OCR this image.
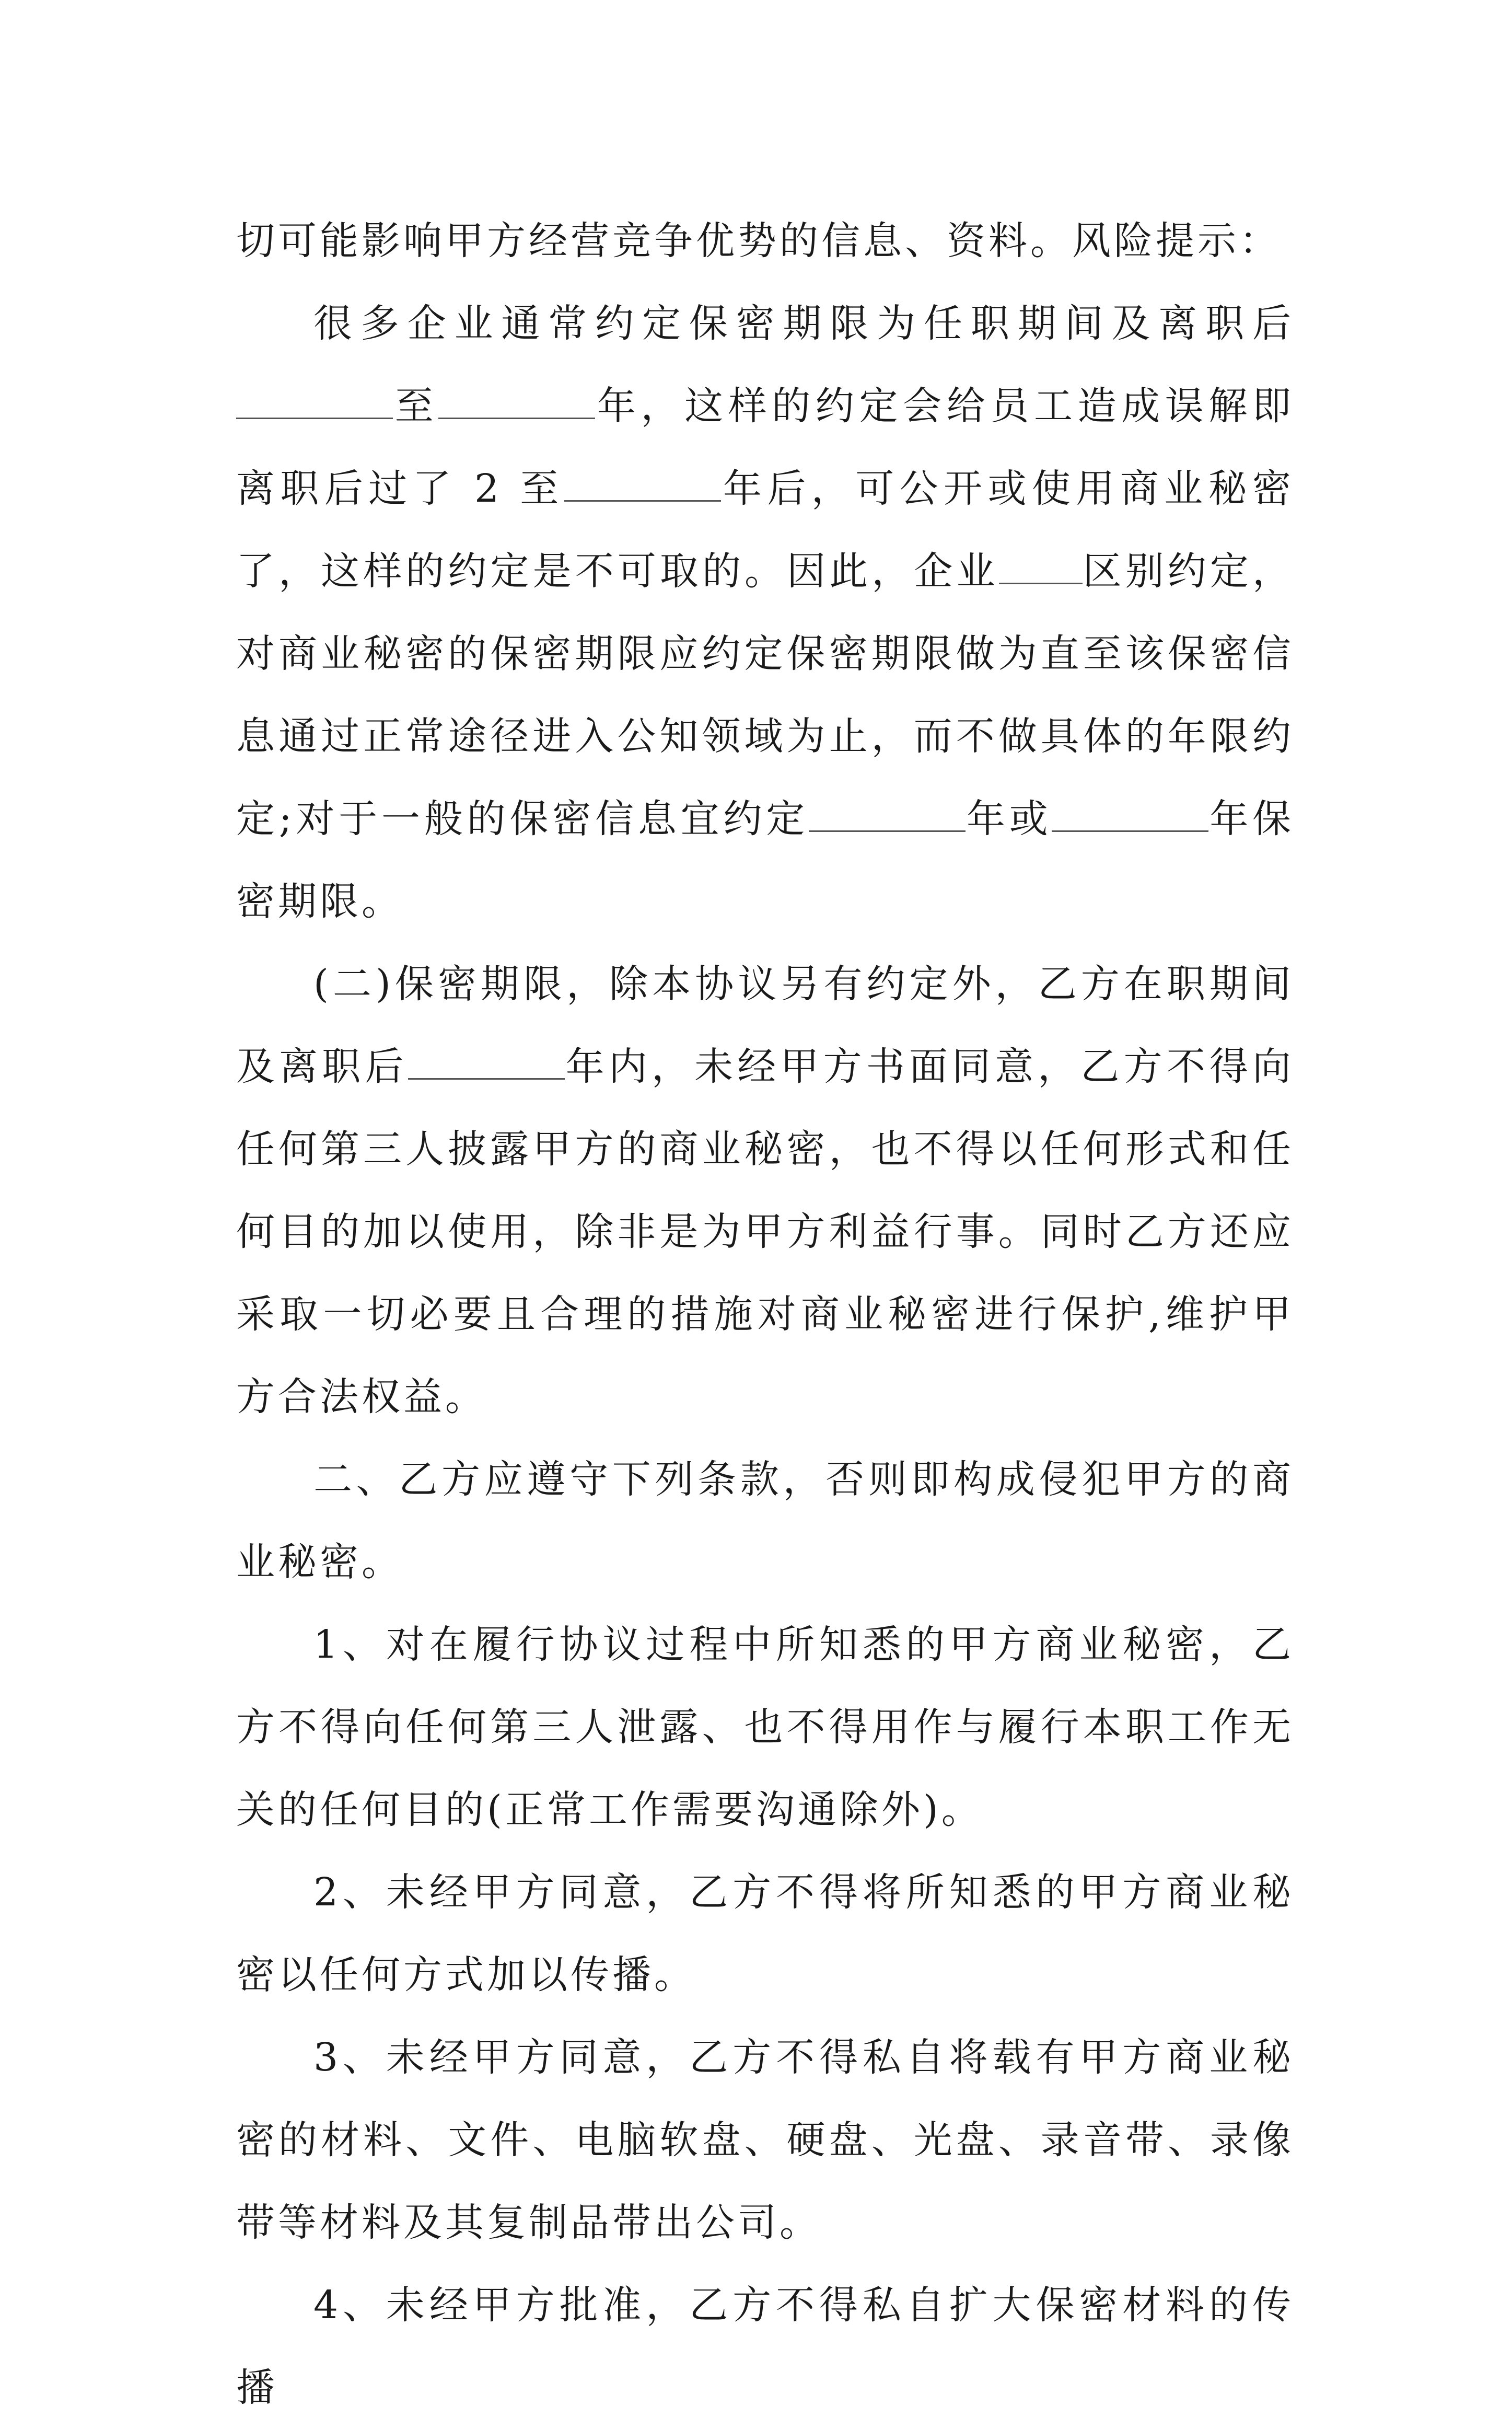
切可能影响甲方经营竞争优势的信息、资料。风险提示：

很多企业通常约定保密期限为任职期间及离职后至	年，这样的约定会给员工造成误解即离职后过了 2 至	年后，可公开或使用商业秘密了，这样的约定是不可取的。因此，企业 区别约定，对商业秘密的保密期限应约定保密期限做为直至该保密信息通过正常途径进入公知领域为止，而不做具体的年限约定;对于一般的保密信息宜约定	年或	年保密期限。

(二)保密期限，除本协议另有约定外，乙方在职期间及离职后	年内，未经甲方书面同意，乙方不得向任何第三人披露甲方的商业秘密，也不得以任何形式和任何目的加以使用，除非是为甲方利益行事。同时乙方还应采取一切必要且合理的措施对商业秘密进行保护,维护甲方合法权益。

二、乙方应遵守下列条款，否则即构成侵犯甲方的商业秘密。

1、对在履行协议过程中所知悉的甲方商业秘密，乙方不得向任何第三人泄露、也不得用作与履行本职工作无关的任何目的(正常工作需要沟通除外)。

2、未经甲方同意，乙方不得将所知悉的甲方商业秘密以任何方式加以传播。

3、未经甲方同意，乙方不得私自将载有甲方商业秘密的材料、文件、电脑软盘、硬盘、光盘、录音带、录像带等材料及其复制品带出公司。

4、未经甲方批准，乙方不得私自扩大保密材料的传播
